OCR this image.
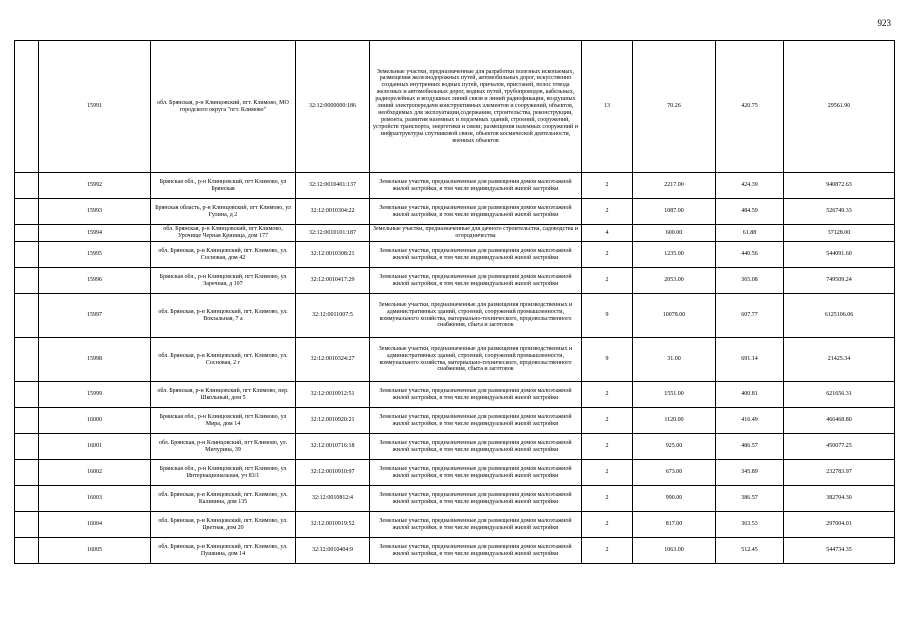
923
	15991	обл. Брянская, р-н Клинцовский, пгт. Климово, МО городского округа "пгт. Климово"	32:12:0000000:186	Земельные участки, предназначенные для разработки полезных ископаемых, размещения железнодорожных путей, автомобильных дорог, искусственно созданных внутренних водных путей, причалов, пристаней, полос отвода железных и автомобильных дорог, водных путей, трубопроводов, кабельных, радиорелейных и воздушных линий связи и линий радиофикации, воздушных линий электропередачи конструктивных элементов и сооружений, объектов, необходимых для эксплуатации,содержания, строительства, реконструкции, ремонта, развития наземных и подземных зданий, строений, сооружений, устройств транспорта, энергетики и связи; размещения наземных сооружений и инфраструктуры спутниковой связи, объектов космической деятельности, военных объектов	13	70.26	420.75	29561.90
	15992	Брянская обл., р-н Клинцовский, пгт Климово, ул Брянская	32:12:0010401:137	Земельные участки, предназначенные для размещения домов малоэтажной жилой застройки, в том числе индивидуальной жилой застройки	2	2217.00	424.39	940872.63
	15993	Брянская область, р-н Клинцовский, пгт Климово, ул Гулина, д 2	32:12:0010304:22	Земельные участки, предназначенные для размещения домов малоэтажной жилой застройки, в том числе индивидуальной жилой застройки	2	1087.00	484.59	526749.33
	15994	обл. Брянская, р-н Клинцовский, пгт Климово, Урочище Черная Криница, дом 177	32:12:0010101:187	Земельные участки, предназначенные для дачного строительства, садоводства и огородничества	4	600.00	61.88	37128.00
	15995	обл. Брянская, р-н Клинцовский, пгт. Климово, ул. Сосновая, дом 42	32:12:0010308:21	Земельные участки, предназначенные для размещения домов малоэтажной жилой застройки, в том числе индивидуальной жилой застройки	2	1235.00	440.56	544091.60
	15996	Брянская обл., р-н Клинцовский, пгт Климово, ул Заречная, д 107	32:12:0010417:29	Земельные участки, предназначенные для размещения домов малоэтажной жилой застройки, в том числе индивидуальной жилой застройки	2	2053.00	365.08	749509.24
	15997	обл. Брянская, р-н Клинцовский, пгт. Климово, ул. Вокзальная, 7 а	32:12:0011007:5	Земельные участки, предназначенные для размещения производственных и административных зданий, строений, сооружений промышленности, коммунального хозяйства, материально-технического, продовольственного снабжения, сбыта и заготовок	9	10078.00	607.77	6125106.06
	15998	обл. Брянская, р-н Клинцовский, пгт. Климово, ул. Сосновая, 2 г	32:12:0010324:27	Земельные участки, предназначенные для размещения производственных и административных зданий, строений, сооружений промышленности, коммунального хозяйства, материально-технического, продовольственного снабжения, сбыта и заготовок	9	31.00	691.14	21425.34
	15999	обл. Брянская, р-н Клинцовский, пгт Климово, пер. Школьный, дом 5	32:12:0010912:51	Земельные участки, предназначенные для размещения домов малоэтажной жилой застройки, в том числе индивидуальной жилой застройки	2	1551.00	400.81	621656.31
	16000	Брянская обл., р-н Клинцовский, пгт Климово, ул Мира, дом 14	32:12:0010920:21	Земельные участки, предназначенные для размещения домов малоэтажной жилой застройки, в том числе индивидуальной жилой застройки	2	1120.00	416.49	466468.80
	16001	обл. Брянская, р-н Клинцовский, пгт Климово, ул. Мичурина, 39	32:12:0010716:18	Земельные участки, предназначенные для размещения домов малоэтажной жилой застройки, в том числе индивидуальной жилой застройки	2	925.00	486.57	450077.25
	16002	Брянская обл., р-н Клинцовский, пгт Климово, ул Интернациональная, уч 83/1	32:12:0010910:97	Земельные участки, предназначенные для размещения домов малоэтажной жилой застройки, в том числе индивидуальной жилой застройки	2	673.00	345.89	232783.97
	16003	обл. Брянская, р-н Клинцовский, пгт. Климово, ул. Калинина, дом 135	32:12:0010812:4	Земельные участки, предназначенные для размещения домов малоэтажной жилой застройки, в том числе индивидуальной жилой застройки	2	990.00	386.57	382704.30
	16004	обл. Брянская, р-н Клинцовский, пгт. Климово, ул. Цветная, дом 20	32:12:0010919:52	Земельные участки, предназначенные для размещения домов малоэтажной жилой застройки, в том числе индивидуальной жилой застройки	2	817.00	363.53	297004.01
	16005	обл. Брянская, р-н Клинцовский, пгт. Климово, ул. Пушкина, дом 14	32:12:0010404:9	Земельные участки, предназначенные для размещения домов малоэтажной жилой застройки, в том числе индивидуальной жилой застройки	2	1063.00	512.45	544734.35
